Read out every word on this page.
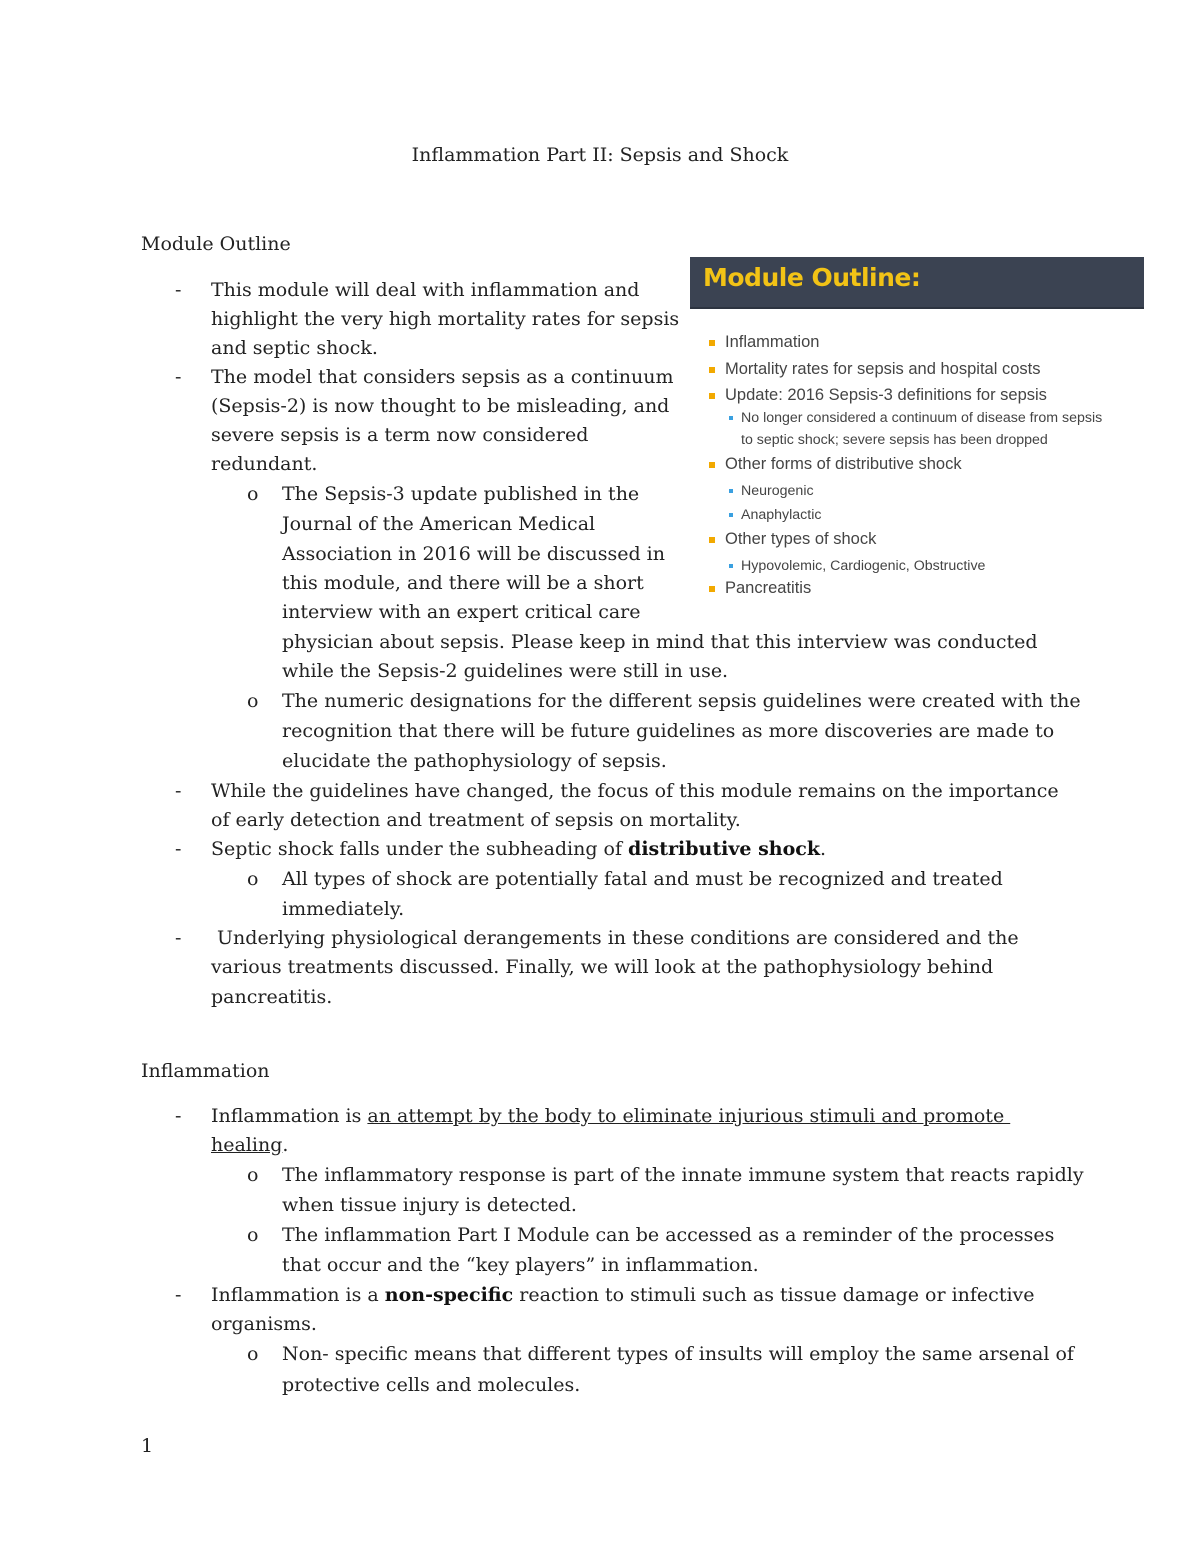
Inflammation Part II: Sepsis and Shock

Module Outline

- This module will deal with inflammation and

highlight the very high mortality rates for sepsis

and septic shock.

- The model that considers sepsis as a continuum

(Sepsis-2) is now thought to be misleading, and

severe sepsis is a term now considered

redundant.

o The Sepsis-3 update published in the

Journal of the American Medical

Association in 2016 will be discussed in

this module, and there will be a short

interview with an expert critical care

physician about sepsis. Please keep in mind that this interview was conducted

while the Sepsis-2 guidelines were still in use.

o The numeric designations for the different sepsis guidelines were created with the

recognition that there will be future guidelines as more discoveries are made to

elucidate the pathophysiology of sepsis.

- While the guidelines have changed, the focus of this module remains on the importance

of early detection and treatment of sepsis on mortality.

- Septic shock falls under the subheading of distributive shock.

o All types of shock are potentially fatal and must be recognized and treated

immediately.

- Underlying physiological derangements in these conditions are considered and the

various treatments discussed. Finally, we will look at the pathophysiology behind

pancreatitis.

Module Outline:
Inflammation
Mortality rates for sepsis and hospital costs
Update: 2016 Sepsis-3 definitions for sepsis
No longer considered a continuum of disease from sepsis
to septic shock; severe sepsis has been dropped
Other forms of distributive shock
Neurogenic
Anaphylactic
Other types of shock
Hypovolemic, Cardiogenic, Obstructive
Pancreatitis

Inflammation

- Inflammation is an attempt by the body to eliminate injurious stimuli and promote

healing.

o The inflammatory response is part of the innate immune system that reacts rapidly

when tissue injury is detected.

o The inflammation Part I Module can be accessed as a reminder of the processes

that occur and the “key players” in inflammation.

- Inflammation is a non-specific reaction to stimuli such as tissue damage or infective

organisms.

o Non- specific means that different types of insults will employ the same arsenal of

protective cells and molecules.

1
